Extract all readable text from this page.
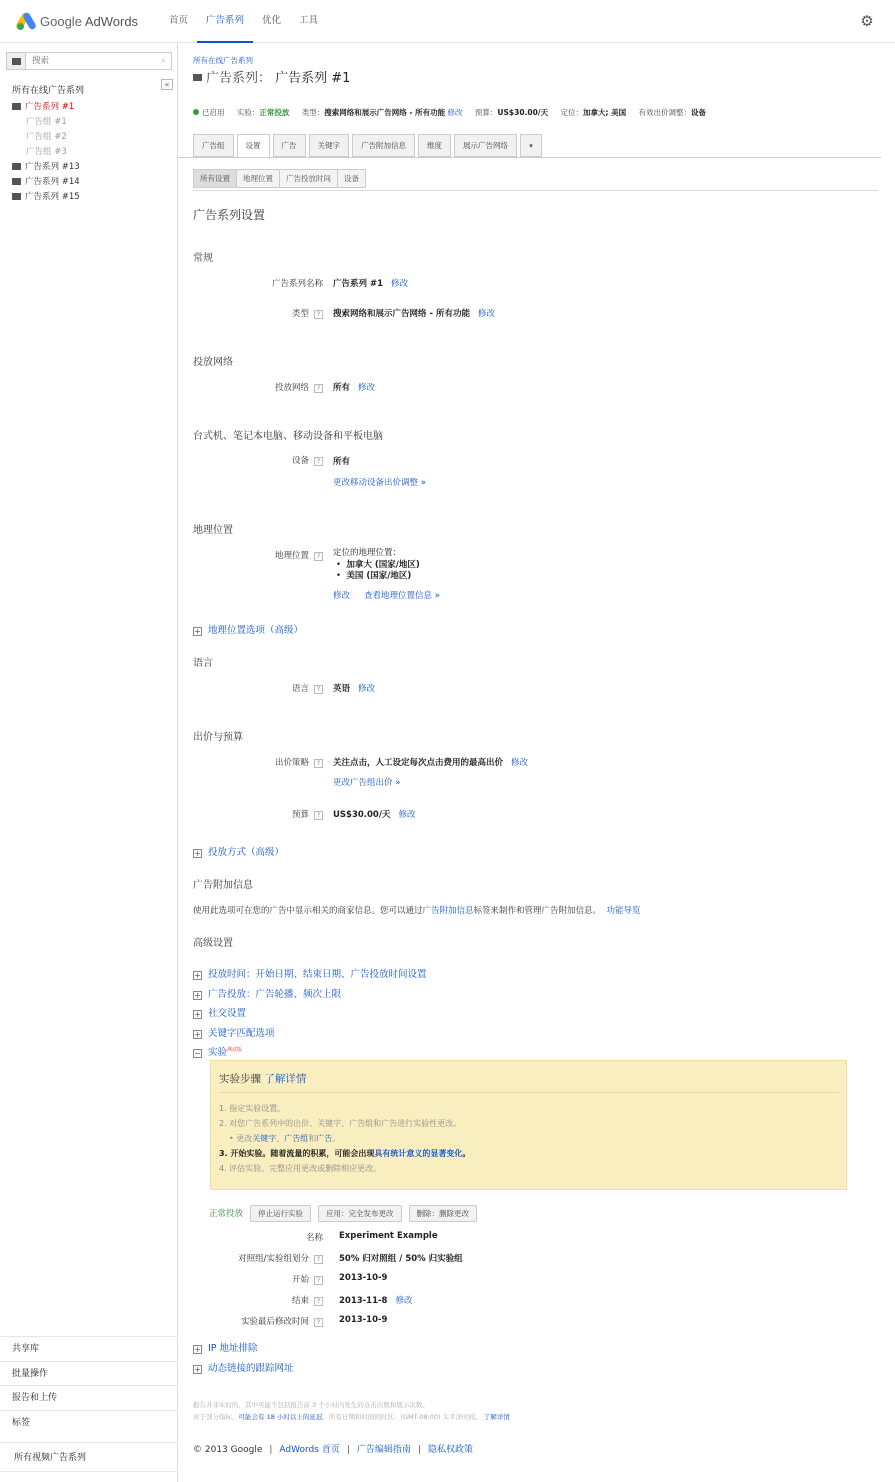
Google AdWords	首页	广告系列	优化	工具	⚙
搜索
⌕
所有在线广告系列
«
广告系列 #1
广告组 #1
广告组 #2
广告组 #3
广告系列 #13
广告系列 #14
广告系列 #15
共享库
批量操作
报告和上传
标签
所有视频广告系列
所有在线广告系列
广告系列： 广告系列 #1
已启用 实验：正常投放 类型：搜索网络和展示广告网络 - 所有功能 修改 预算：US$30.00/天 定位：加拿大; 美国 有效出价调整：设备
广告组	设置	广告	关键字	广告附加信息	维度	展示广告网络	▾
所有设置	地理位置	广告投放时间	设备
广告系列设置
常规
广告系列名称 广告系列 #1 修改
类型 ?	搜索网络和展示广告网络 - 所有功能 修改
投放网络
投放网络 ?	所有 修改
台式机、笔记本电脑、移动设备和平板电脑
设备 ?	所有
更改移动设备出价调整 »
地理位置
地理位置 ?	定位的地理位置：
•  加拿大 (国家/地区)
•  美国 (国家/地区)
修改 查看地理位置信息 »
+ 地理位置选项（高级）
语言
语言 ?	英语 修改
出价与预算
出价策略 ?	关注点击，人工设定每次点击费用的最高出价 修改
更改广告组出价 »
预算 ?	US$30.00/天 修改
+ 投放方式（高级）
广告附加信息
使用此选项可在您的广告中显示相关的商家信息。您可以通过广告附加信息标签来制作和管理广告附加信息。 功能导览
高级设置
+ 投放时间：开始日期、结束日期、广告投放时间设置
+ 广告投放：广告轮播、频次上限
+ 社交设置
+ 关键字匹配选项
− 实验$^{测试版}$
实验步骤 了解详情
1. 指定实验设置。
2. 对您广告系列中的出价、关键字、广告组和广告进行实验性更改。
• 更改关键字、广告组和广告。
3. 开始实验。随着流量的积累，可能会出现具有统计意义的显著变化。
4. 评估实验。完整应用更改或删除相应更改。
正常投放	停止运行实验	应用：完全发布更改	删除：删除更改
名称 Experiment Example
对照组/实验组划分 ?	50% 归对照组 / 50% 归实验组
开始 ?	2013-10-9
结束 ?	2013-11-8 修改
实验最后修改时间 ?	2013-10-9
+ IP 地址排除
+ 动态链接的跟踪网址
报告并非实时的，其中可能不包括报告前 3 个小时内发生的点击次数和展示次数。
对于部分指标，可能会有 18 小时以上的延迟。所有日期和时间的时区：(GMT-08:00) 太平洋时间。 了解详情
© 2013 Google | AdWords 首页 | 广告编辑指南 | 隐私权政策
